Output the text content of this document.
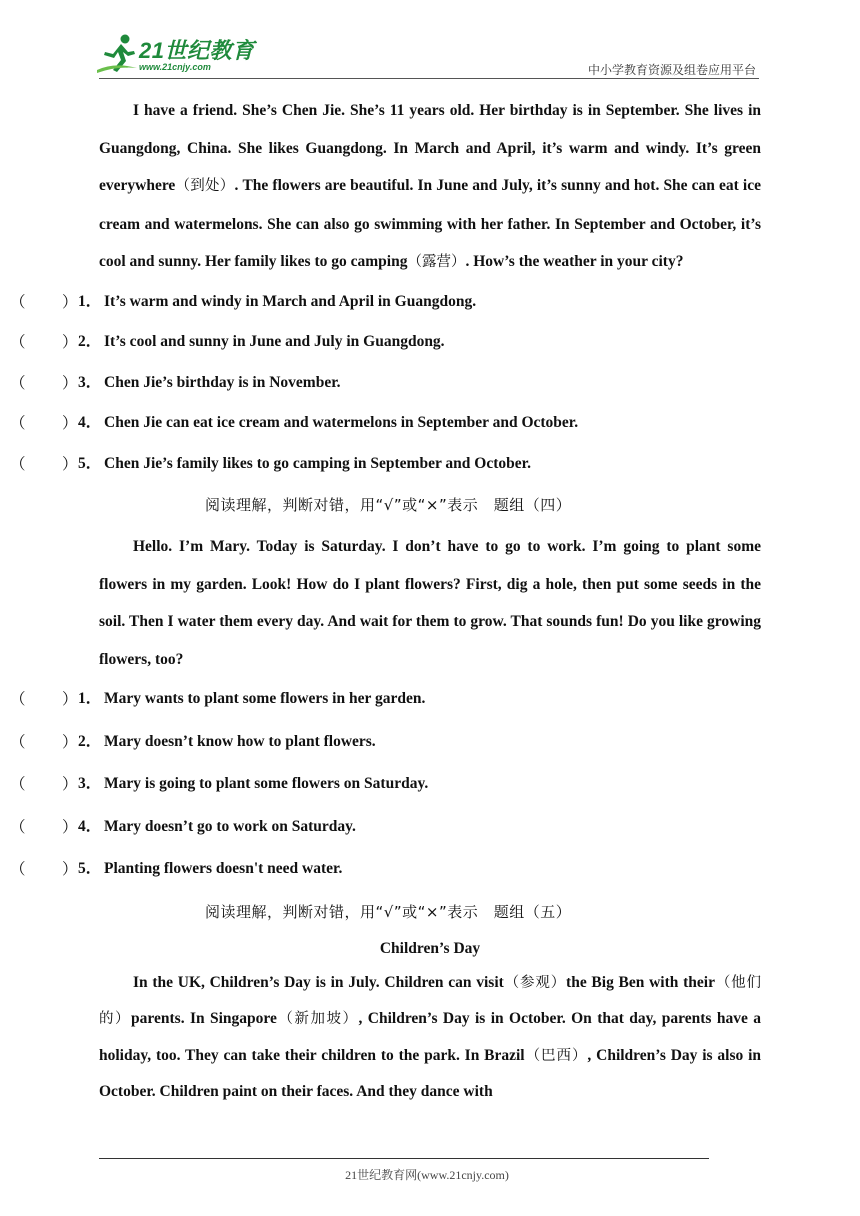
21世纪教育
www.21cnjy.com	中小学教育资源及组卷应用平台

I have a friend. She’s Chen Jie. She’s 11 years old. Her birthday is in September. She lives in Guangdong, China. She likes Guangdong. In March and April, it’s warm and windy. It’s green everywhere（到处）. The flowers are beautiful. In June and July, it’s sunny and hot. She can eat ice cream and watermelons. She can also go swimming with her father. In September and October, it’s cool and sunny. Her family likes to go camping（露营）. How’s the weather in your city?

（ ） 1． It’s warm and windy in March and April in Guangdong.
（ ） 2． It’s cool and sunny in June and July in Guangdong.
（ ） 3． Chen Jie’s birthday is in November.
（ ） 4． Chen Jie can eat ice cream and watermelons in September and October.
（ ） 5． Chen Jie’s family likes to go camping in September and October.
阅读理解，判断对错，用“√”或“×”表示　题组（四）

Hello. I’m Mary. Today is Saturday. I don’t have to go to work. I’m going to plant some flowers in my garden. Look! How do I plant flowers? First, dig a hole, then put some seeds in the soil. Then I water them every day. And wait for them to grow. That sounds fun! Do you like growing flowers, too?

（ ） 1． Mary wants to plant some flowers in her garden.
（ ） 2． Mary doesn’t know how to plant flowers.
（ ） 3． Mary is going to plant some flowers on Saturday.
（ ） 4． Mary doesn’t go to work on Saturday.
（ ） 5． Planting flowers doesn't need water.
阅读理解，判断对错，用“√”或“×”表示　题组（五）
Children’s Day

In the UK, Children’s Day is in July. Children can visit（参观）the Big Ben with their（他们的）parents. In Singapore（新加坡）, Children’s Day is in October. On that day, parents have a holiday, too. They can take their children to the park. In Brazil（巴西）, Children’s Day is also in October. Children paint on their faces. And they dance with

21世纪教育网(www.21cnjy.com)
